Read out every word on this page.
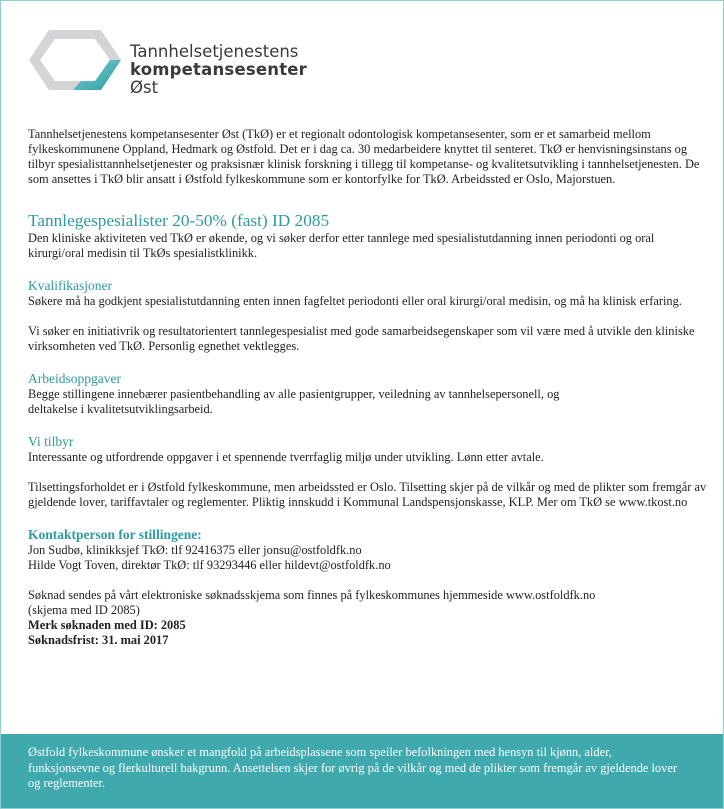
Tannhelsetjenestens
kompetansesenter
Øst

Tannhelsetjenestens kompetansesenter Øst (TkØ) er et regionalt odontologisk kompetansesenter, som er et samarbeid mellom fylkeskommunene Oppland, Hedmark og Østfold. Det er i dag ca. 30 medarbeidere knyttet til senteret. TkØ er henvisningsinstans og tilbyr spesialisttannhelsetjenester og praksisnær klinisk forskning i tillegg til kompetanse- og kvalitetsutvikling i tannhelsetjenesten. De som ansettes i TkØ blir ansatt i Østfold fylkeskommune som er kontorfylke for TkØ. Arbeidssted er Oslo, Majorstuen.

Tannlegespesialister 20-50% (fast) ID 2085

Den kliniske aktiviteten ved TkØ er økende, og vi søker derfor etter tannlege med spesialistutdanning innen periodonti og oral kirurgi/oral medisin til TkØs spesialistklinikk.

Kvalifikasjoner

Søkere må ha godkjent spesialistutdanning enten innen fagfeltet periodonti eller oral kirurgi/oral medisin, og må ha klinisk erfaring.

Vi søker en initiativrik og resultatorientert tannlegespesialist med gode samarbeidsegenskaper som vil være med å utvikle den kliniske virksomheten ved TkØ. Personlig egnethet vektlegges.

Arbeidsoppgaver

Begge stillingene innebærer pasientbehandling av alle pasientgrupper, veiledning av tannhelsepersonell, og

deltakelse i kvalitetsutviklingsarbeid.

Vi tilbyr

Interessante og utfordrende oppgaver i et spennende tverrfaglig miljø under utvikling. Lønn etter avtale.

Tilsettingsforholdet er i Østfold fylkeskommune, men arbeidssted er Oslo. Tilsetting skjer på de vilkår og med de plikter som fremgår av gjeldende lover, tariffavtaler og reglementer. Pliktig innskudd i Kommunal Landspensjonskasse, KLP. Mer om TkØ se www.tkost.no

Kontaktperson for stillingene:

Jon Sudbø, klinikksjef TkØ: tlf 92416375 eller jonsu@ostfoldfk.no

Hilde Vogt Toven, direktør TkØ: tlf 93293446 eller hildevt@ostfoldfk.no

Søknad sendes på vårt elektroniske søknadsskjema som finnes på fylkeskommunes hjemmeside www.ostfoldfk.no

(skjema med ID 2085)

Merk søknaden med ID: 2085

Søknadsfrist: 31. mai 2017

Østfold fylkeskommune ønsker et mangfold på arbeidsplassene som speiler befolkningen med hensyn til kjønn, alder, funksjonsevne og flerkulturell bakgrunn. Ansettelsen skjer for øvrig på de vilkår og med de plikter som fremgår av gjeldende lover og reglementer.
